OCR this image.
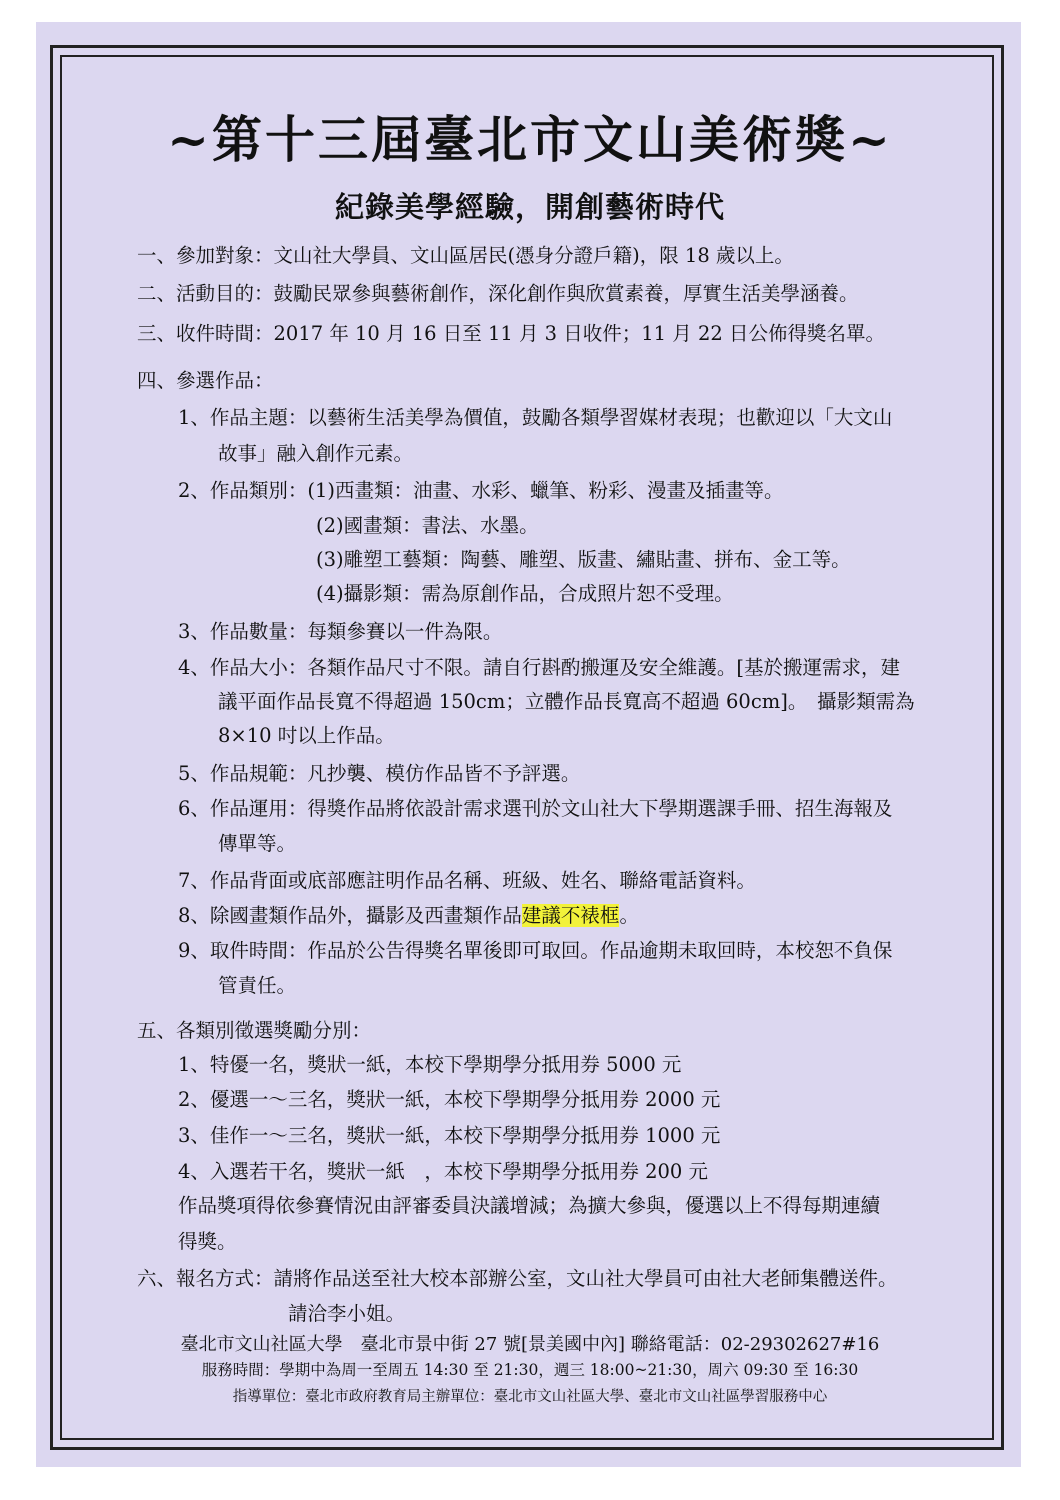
~第十三屆臺北市文山美術獎~
紀錄美學經驗，開創藝術時代
一、參加對象：文山社大學員、文山區居民(憑身分證戶籍)，限 18 歲以上。
二、活動目的：鼓勵民眾參與藝術創作，深化創作與欣賞素養，厚實生活美學涵養。
三、收件時間：2017 年 10 月 16 日至 11 月 3 日收件；11 月 22 日公佈得獎名單。
四、參選作品：
1、作品主題：以藝術生活美學為價值，鼓勵各類學習媒材表現；也歡迎以「大文山
故事」融入創作元素。
2、作品類別：(1)西畫類：油畫、水彩、蠟筆、粉彩、漫畫及插畫等。
(2)國畫類：書法、水墨。
(3)雕塑工藝類：陶藝、雕塑、版畫、繡貼畫、拼布、金工等。
(4)攝影類：需為原創作品，合成照片恕不受理。
3、作品數量：每類參賽以一件為限。
4、作品大小：各類作品尺寸不限。請自行斟酌搬運及安全維護。[基於搬運需求，建
議平面作品長寬不得超過 150cm；立體作品長寬高不超過 60cm]。　攝影類需為
8×10 吋以上作品。
5、作品規範：凡抄襲、模仿作品皆不予評選。
6、作品運用：得獎作品將依設計需求選刊於文山社大下學期選課手冊、招生海報及
傳單等。
7、作品背面或底部應註明作品名稱、班級、姓名、聯絡電話資料。
8、除國畫類作品外，攝影及西畫類作品建議不裱框。
9、取件時間：作品於公告得獎名單後即可取回。作品逾期未取回時，本校恕不負保
管責任。
五、各類別徵選獎勵分別：
1、特優一名，獎狀一紙，本校下學期學分抵用券 5000 元
2、優選一～三名，獎狀一紙，本校下學期學分抵用券 2000 元
3、佳作一～三名，獎狀一紙，本校下學期學分抵用券 1000 元
4、入選若干名，獎狀一紙　，本校下學期學分抵用券 200 元
作品獎項得依參賽情況由評審委員決議增減；為擴大參與，優選以上不得每期連續
得獎。
六、報名方式：請將作品送至社大校本部辦公室，文山社大學員可由社大老師集體送件。
請洽李小姐。
臺北市文山社區大學　臺北市景中街 27 號[景美國中內] 聯絡電話：02-29302627#16
服務時間：學期中為周一至周五 14:30 至 21:30，週三 18:00~21:30，周六 09:30 至 16:30
指導單位：臺北市政府教育局主辦單位：臺北市文山社區大學、臺北市文山社區學習服務中心
